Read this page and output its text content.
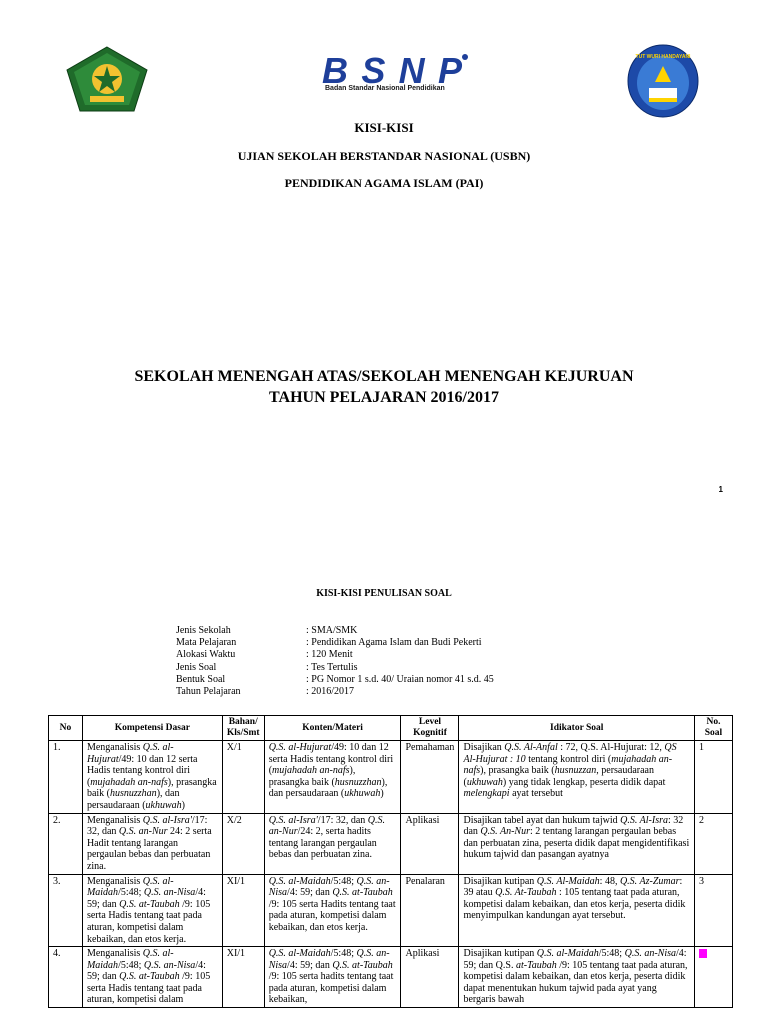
BSNP
Badan Standar Nasional Pendidikan
TUT WURI HANDAYANI
KISI-KISI
UJIAN SEKOLAH BERSTANDAR NASIONAL (USBN)
PENDIDIKAN AGAMA ISLAM (PAI)
SEKOLAH MENENGAH ATAS/SEKOLAH MENENGAH KEJURUAN
TAHUN PELAJARAN 2016/2017
1
KISI-KISI PENULISAN SOAL
Jenis Sekolah	: SMA/SMK
Mata Pelajaran	: Pendidikan Agama Islam dan Budi Pekerti
Alokasi Waktu	: 120 Menit
Jenis Soal	: Tes Tertulis
Bentuk Soal	: PG Nomor 1 s.d. 40/ Uraian nomor 41 s.d. 45
Tahun Pelajaran	: 2016/2017
No	Kompetensi Dasar	Bahan/ Kls/Smt	Konten/Materi	Level Kognitif	Idikator Soal	No. Soal
1.	Menganalisis Q.S. al-Hujurat/49: 10 dan 12 serta Hadis tentang kontrol diri (mujahadah an-nafs), prasangka baik (husnuzzhan), dan persaudaraan (ukhuwah)	X/1	Q.S. al-Hujurat/49: 10 dan 12 serta Hadis tentang kontrol diri (mujahadah an-nafs), prasangka baik (husnuzzhan), dan persaudaraan (ukhuwah)	Pemahaman	Disajikan Q.S. Al-Anfal : 72, Q.S. Al-Hujurat: 12, QS Al-Hujurat : 10 tentang kontrol diri (mujahadah an-nafs), prasangka baik (husnuzzan, persaudaraan (ukhuwah) yang tidak lengkap, peserta didik dapat melengkapi ayat tersebut	1
2.	Menganalisis Q.S. al-Isra'/17: 32, dan Q.S. an-Nur 24: 2 serta Hadit tentang larangan pergaulan bebas dan perbuatan zina.	X/2	Q.S. al-Isra'/17: 32, dan Q.S. an-Nur/24: 2, serta hadits tentang larangan pergaulan bebas dan perbuatan zina.	Aplikasi	Disajikan tabel ayat dan hukum tajwid Q.S. Al-Isra: 32 dan Q.S. An-Nur: 2 tentang larangan pergaulan bebas dan perbuatan zina, peserta didik dapat mengidentifikasi hukum tajwid dan pasangan ayatnya	2
3.	Menganalisis Q.S. al-Maidah/5:48; Q.S. an-Nisa/4: 59; dan Q.S. at-Taubah /9: 105 serta Hadis tentang taat pada aturan, kompetisi dalam kebaikan, dan etos kerja.	XI/1	Q.S. al-Maidah/5:48; Q.S. an-Nisa/4: 59; dan Q.S. at-Taubah /9: 105 serta Hadits tentang taat pada aturan, kompetisi dalam kebaikan, dan etos kerja.	Penalaran	Disajikan kutipan Q.S. Al-Maidah: 48, Q.S. Az-Zumar: 39 atau Q.S. At-Taubah : 105 tentang taat pada aturan, kompetisi dalam kebaikan, dan etos kerja, peserta didik menyimpulkan kandungan ayat tersebut.	3
4.	Menganalisis Q.S. al-Maidah/5:48; Q.S. an-Nisa/4: 59; dan Q.S. at-Taubah /9: 105 serta Hadis tentang taat pada aturan, kompetisi dalam	XI/1	Q.S. al-Maidah/5:48; Q.S. an-Nisa/4: 59; dan Q.S. at-Taubah /9: 105 serta hadits tentang taat pada aturan, kompetisi dalam kebaikan,	Aplikasi	Disajikan kutipan Q.S. al-Maidah/5:48; Q.S. an-Nisa/4: 59; dan Q.S. at-Taubah /9: 105 tentang taat pada aturan, kompetisi dalam kebaikan, dan etos kerja, peserta didik dapat menentukan hukum tajwid pada ayat yang bergaris bawah	
